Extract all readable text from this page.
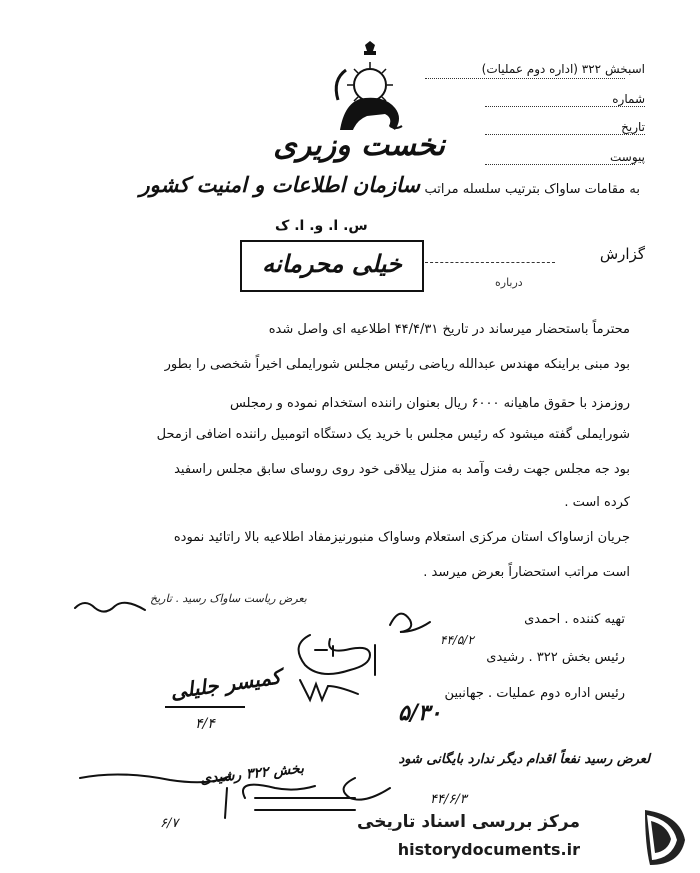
اسبخش ۳۲۲ (اداره دوم عملیات)
شماره
تاریخ
پیوست
نخست وزیری
به مقامات ساواک بترتیب سلسله مراتب
سازمان اطلاعات و امنیت کشور
س. ا. و. ا. ک
خیلی محرمانه	گزارش
درباره
محترماً باستحضار میرساند در تاریخ ۴۴/۴/۳۱ اطلاعیه ای واصل شده
بود مبنی براینکه مهندس عبدالله ریاضی رئیس مجلس شورایملی اخیراً شخصی را بطور
روزمزد با حقوق ماهیانه ۶۰۰۰ ریال بعنوان راننده استخدام نموده و رمجلس
شورایملی گفته میشود که رئیس مجلس با خرید یک دستگاه اتومبیل راننده اضافی ازمحل
بود جه مجلس جهت رفت وآمد به منزل ییلاقی خود روی روسای سابق مجلس راسفید
کرده است .
جریان ازساواک استان مرکزی استعلام وساواک منبورنیزمفاد اطلاعیه بالا راتائید نموده
است مراتب استحضاراً بعرض میرسد .
بعرض ریاست ساواک رسید . تاریخ
تهیه کننده . احمدی
۴۴/۵/۲
رئیس بخش ۳۲۲ . رشیدی
رئیس اداره دوم عملیات . جهانبین
۵/۳۰
کمیسر جلیلی
۴/۴
لعرض رسید نفعاً اقدام دیگر ندارد بایگانی شود
بخش ۳۲۲ رشیدی
۴۴/۶/۳
۶/۷	مرکز بررسی اسناد تاریخی
historydocuments.ir
